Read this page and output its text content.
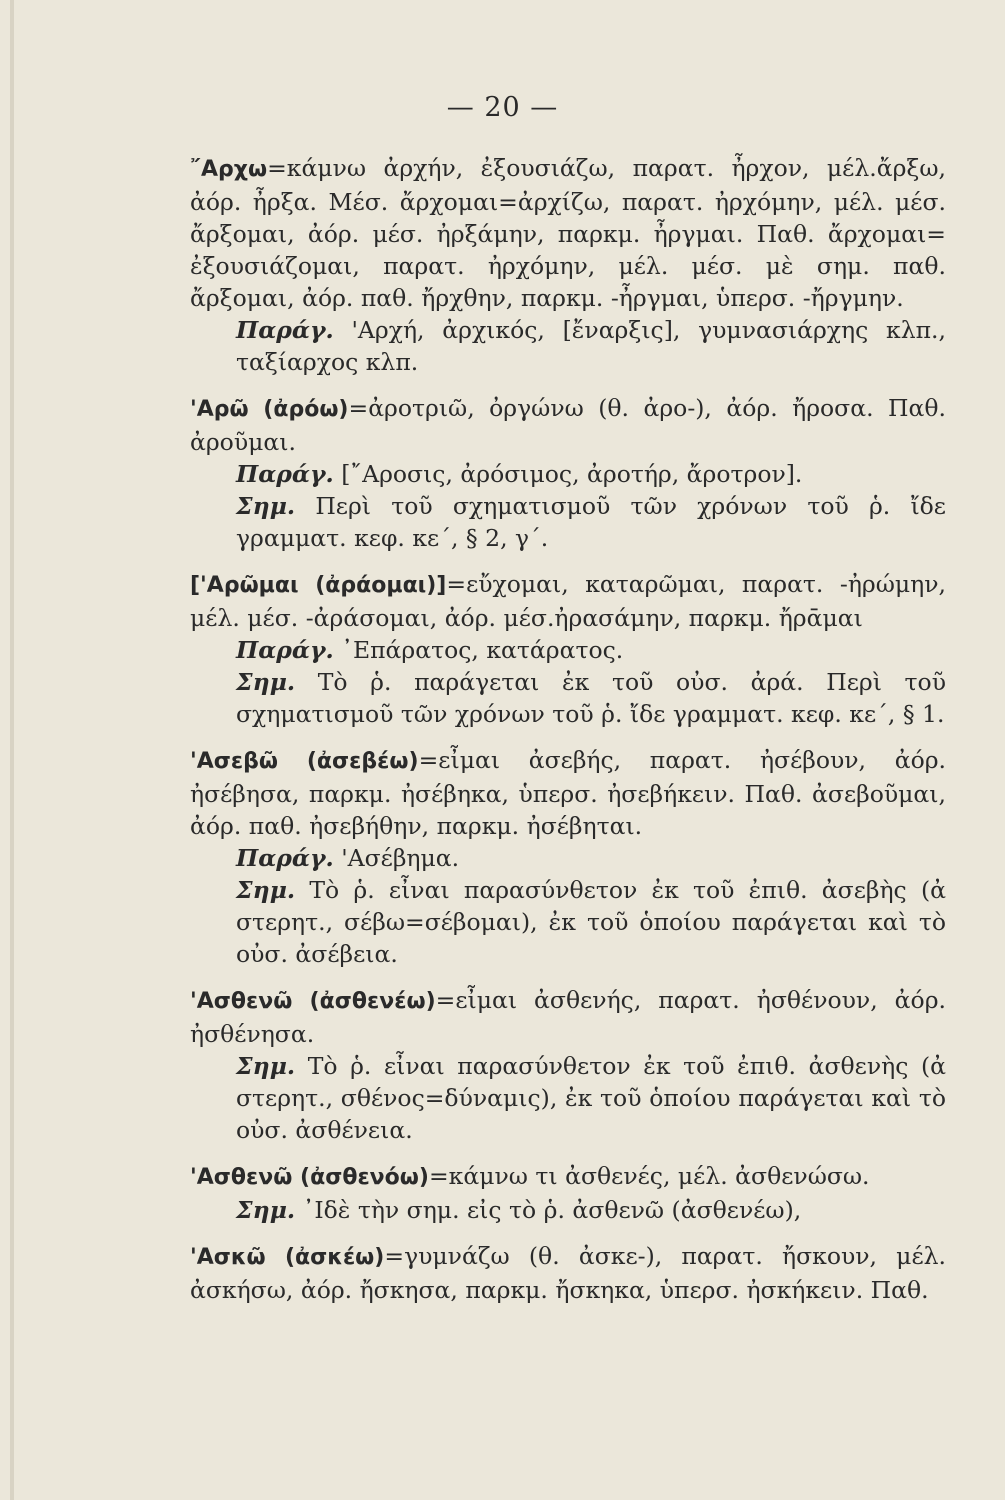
— 20 —

῎Αρχω=κάμνω ἀρχήν, ἐξουσιάζω, παρατ. ἦρχον, μέλ.ἄρξω, ἀόρ. ἦρξα. Μέσ. ἄρχομαι=ἀρχίζω, παρατ. ἠρχόμην, μέλ. μέσ. ἄρξομαι, ἀόρ. μέσ. ἠρξάμην, παρκμ. ἦργμαι. Παθ. ἄρχομαι= ἐξουσιάζομαι, παρατ. ἠρχόμην, μέλ. μέσ. μὲ σημ. παθ. ἄρξομαι, ἀόρ. παθ. ἤρχθην, παρκμ. -ἦργμαι, ὑπερσ. -ἤργμην.

Παράγ. 'Αρχή, ἀρχικός, [ἔναρξις], γυμνασιάρχης κλπ., ταξίαρχος κλπ.

'Αρῶ (ἀρόω)=ἀροτριῶ, ὀργώνω (θ. ἀρο-), ἀόρ. ἤροσα. Παθ. ἀροῦμαι.

Παράγ. [῎Αροσις, ἀρόσιμος, ἀροτήρ, ἄροτρον].

Σημ. Περὶ τοῦ σχηματισμοῦ τῶν χρόνων τοῦ ῥ. ἴδε γραμματ. κεφ. κε΄, § 2, γ΄.

['Αρῶμαι (ἀράομαι)]=εὔχομαι, καταρῶμαι, παρατ. -ἠρώμην, μέλ. μέσ. -ἀράσομαι, ἀόρ. μέσ.ἠρασάμην, παρκμ. ἤρᾱμαι

Παράγ. ᾽Επάρατος, κατάρατος.

Σημ. Τὸ ῥ. παράγεται ἐκ τοῦ οὐσ. ἀρά. Περὶ τοῦ σχηματισμοῦ τῶν χρόνων τοῦ ῥ. ἴδε γραμματ. κεφ. κε΄, § 1.

'Ασεβῶ (ἀσεβέω)=εἶμαι ἀσεβής, παρατ. ἠσέβουν, ἀόρ. ἠσέβησα, παρκμ. ἠσέβηκα, ὑπερσ. ἠσεβήκειν. Παθ. ἀσεβοῦμαι, ἀόρ. παθ. ἠσεβήθην, παρκμ. ἠσέβηται.

Παράγ. 'Ασέβημα.

Σημ. Τὸ ῥ. εἶναι παρασύνθετον ἐκ τοῦ ἐπιθ. ἀσεβὴς (ἀ στερητ., σέβω=σέβομαι), ἐκ τοῦ ὁποίου παράγεται καὶ τὸ οὐσ. ἀσέβεια.

'Ασθενῶ (ἀσθενέω)=εἶμαι ἀσθενής, παρατ. ἠσθένουν, ἀόρ. ἠσθένησα.

Σημ. Τὸ ῥ. εἶναι παρασύνθετον ἐκ τοῦ ἐπιθ. ἀσθενὴς (ἀ στερητ., σθένος=δύναμις), ἐκ τοῦ ὁποίου παράγεται καὶ τὸ οὐσ. ἀσθένεια.

'Ασθενῶ (ἀσθενόω)=κάμνω τι ἀσθενές, μέλ. ἀσθενώσω.

Σημ. ᾽Ιδὲ τὴν σημ. εἰς τὸ ῥ. ἀσθενῶ (ἀσθενέω),

'Ασκῶ (ἀσκέω)=γυμνάζω (θ. ἀσκε-), παρατ. ἤσκουν, μέλ. ἀσκήσω, ἀόρ. ἤσκησα, παρκμ. ἤσκηκα, ὑπερσ. ἠσκήκειν. Παθ.
